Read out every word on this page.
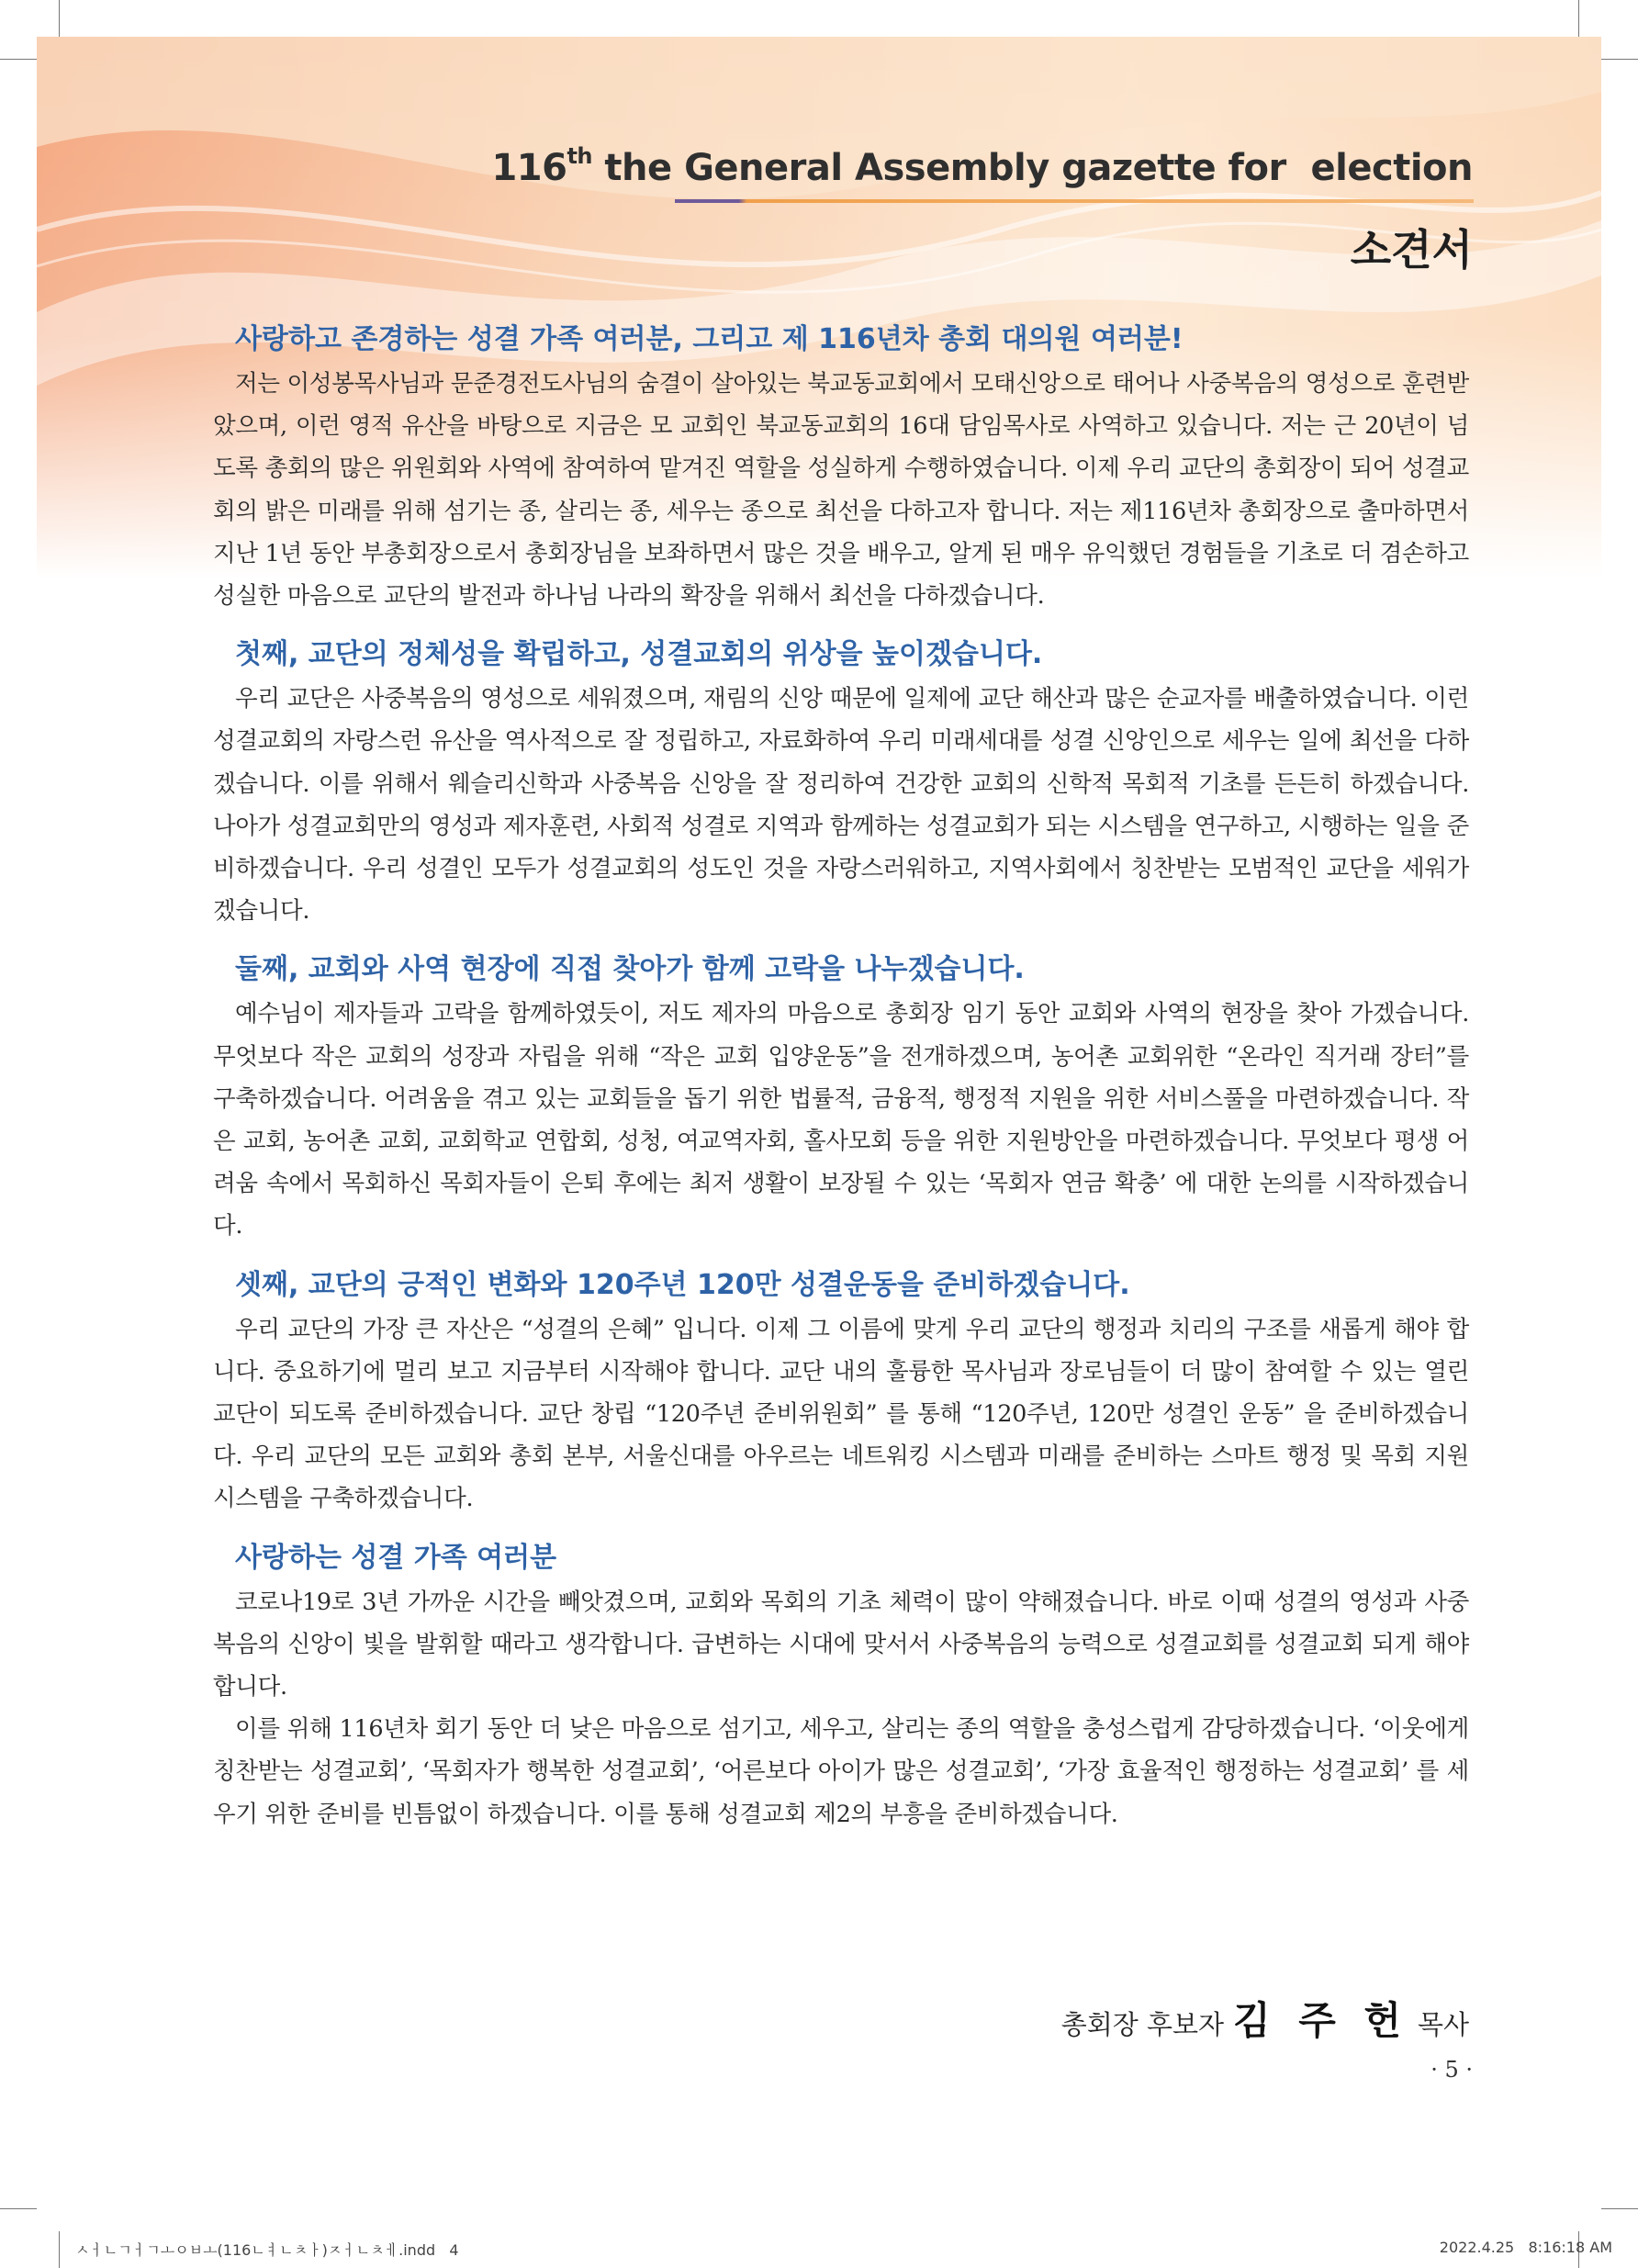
116th the General Assembly gazette for  election
소견서
사랑하고 존경하는 성결 가족 여러분, 그리고 제 116년차 총회 대의원 여러분!

저는 이성봉목사님과 문준경전도사님의 숨결이 살아있는 북교동교회에서 모태신앙으로 태어나 사중복음의 영성으로 훈련받았으며, 이런 영적 유산을 바탕으로 지금은 모 교회인 북교동교회의 16대 담임목사로 사역하고 있습니다. 저는 근 20년이 넘도록 총회의 많은 위원회와 사역에 참여하여 맡겨진 역할을 성실하게 수행하였습니다. 이제 우리 교단의 총회장이 되어 성결교회의 밝은 미래를 위해 섬기는 종, 살리는 종, 세우는 종으로 최선을 다하고자 합니다. 저는 제116년차 총회장으로 출마하면서 지난 1년 동안 부총회장으로서 총회장님을 보좌하면서 많은 것을 배우고, 알게 된 매우 유익했던 경험들을 기초로 더 겸손하고 성실한 마음으로 교단의 발전과 하나님 나라의 확장을 위해서 최선을 다하겠습니다.

첫째, 교단의 정체성을 확립하고, 성결교회의 위상을 높이겠습니다.

우리 교단은 사중복음의 영성으로 세워졌으며, 재림의 신앙 때문에 일제에 교단 해산과 많은 순교자를 배출하였습니다. 이런 성결교회의 자랑스런 유산을 역사적으로 잘 정립하고, 자료화하여 우리 미래세대를 성결 신앙인으로 세우는 일에 최선을 다하겠습니다. 이를 위해서 웨슬리신학과 사중복음 신앙을 잘 정리하여 건강한 교회의 신학적 목회적 기초를 든든히 하겠습니다. 나아가 성결교회만의 영성과 제자훈련, 사회적 성결로 지역과 함께하는 성결교회가 되는 시스템을 연구하고, 시행하는 일을 준비하겠습니다. 우리 성결인 모두가 성결교회의 성도인 것을 자랑스러워하고, 지역사회에서 칭찬받는 모범적인 교단을 세워가겠습니다.

둘째, 교회와 사역 현장에 직접 찾아가 함께 고락을 나누겠습니다.

예수님이 제자들과 고락을 함께하였듯이, 저도 제자의 마음으로 총회장 임기 동안 교회와 사역의 현장을 찾아 가겠습니다. 무엇보다 작은 교회의 성장과 자립을 위해 “작은 교회 입양운동”을 전개하겠으며, 농어촌 교회위한 “온라인 직거래 장터”를 구축하겠습니다. 어려움을 겪고 있는 교회들을 돕기 위한 법률적, 금융적, 행정적 지원을 위한 서비스풀을 마련하겠습니다. 작은 교회, 농어촌 교회, 교회학교 연합회, 성청, 여교역자회, 홀사모회 등을 위한 지원방안을 마련하겠습니다. 무엇보다 평생 어려움 속에서 목회하신 목회자들이 은퇴 후에는 최저 생활이 보장될 수 있는 ‘목회자 연금 확충’ 에 대한 논의를 시작하겠습니다.

셋째, 교단의 긍적인 변화와 120주년 120만 성결운동을 준비하겠습니다.

우리 교단의 가장 큰 자산은 “성결의 은혜” 입니다. 이제 그 이름에 맞게 우리 교단의 행정과 치리의 구조를 새롭게 해야 합니다. 중요하기에 멀리 보고 지금부터 시작해야 합니다. 교단 내의 훌륭한 목사님과 장로님들이 더 많이 참여할 수 있는 열린 교단이 되도록 준비하겠습니다. 교단 창립 “120주년 준비위원회” 를 통해 “120주년, 120만 성결인 운동” 을 준비하겠습니다. 우리 교단의 모든 교회와 총회 본부, 서울신대를 아우르는 네트워킹 시스템과 미래를 준비하는 스마트 행정 및 목회 지원 시스템을 구축하겠습니다.

사랑하는 성결 가족 여러분

코로나19로 3년 가까운 시간을 빼앗겼으며, 교회와 목회의 기초 체력이 많이 약해졌습니다. 바로 이때 성결의 영성과 사중복음의 신앙이 빛을 발휘할 때라고 생각합니다. 급변하는 시대에 맞서서 사중복음의 능력으로 성결교회를 성결교회 되게 해야합니다.

이를 위해 116년차 회기 동안 더 낮은 마음으로 섬기고, 세우고, 살리는 종의 역할을 충성스럽게 감당하겠습니다. ‘이웃에게 칭찬받는 성결교회’, ‘목회자가 행복한 성결교회’, ‘어른보다 아이가 많은 성결교회’, ‘가장 효율적인 행정하는 성결교회’ 를 세우기 위한 준비를 빈틈없이 하겠습니다. 이를 통해 성결교회 제2의 부흥을 준비하겠습니다.

총회장 후보자 김 주 헌 목사
· 5 ·
ㅅㅓㄴㄱㅓㄱㅗㅇㅂㅗ(116ㄴㅕㄴㅊㅏ)ㅈㅓㄴㅊㅔ.indd   4	2022.4.25   8:16:18 AM
